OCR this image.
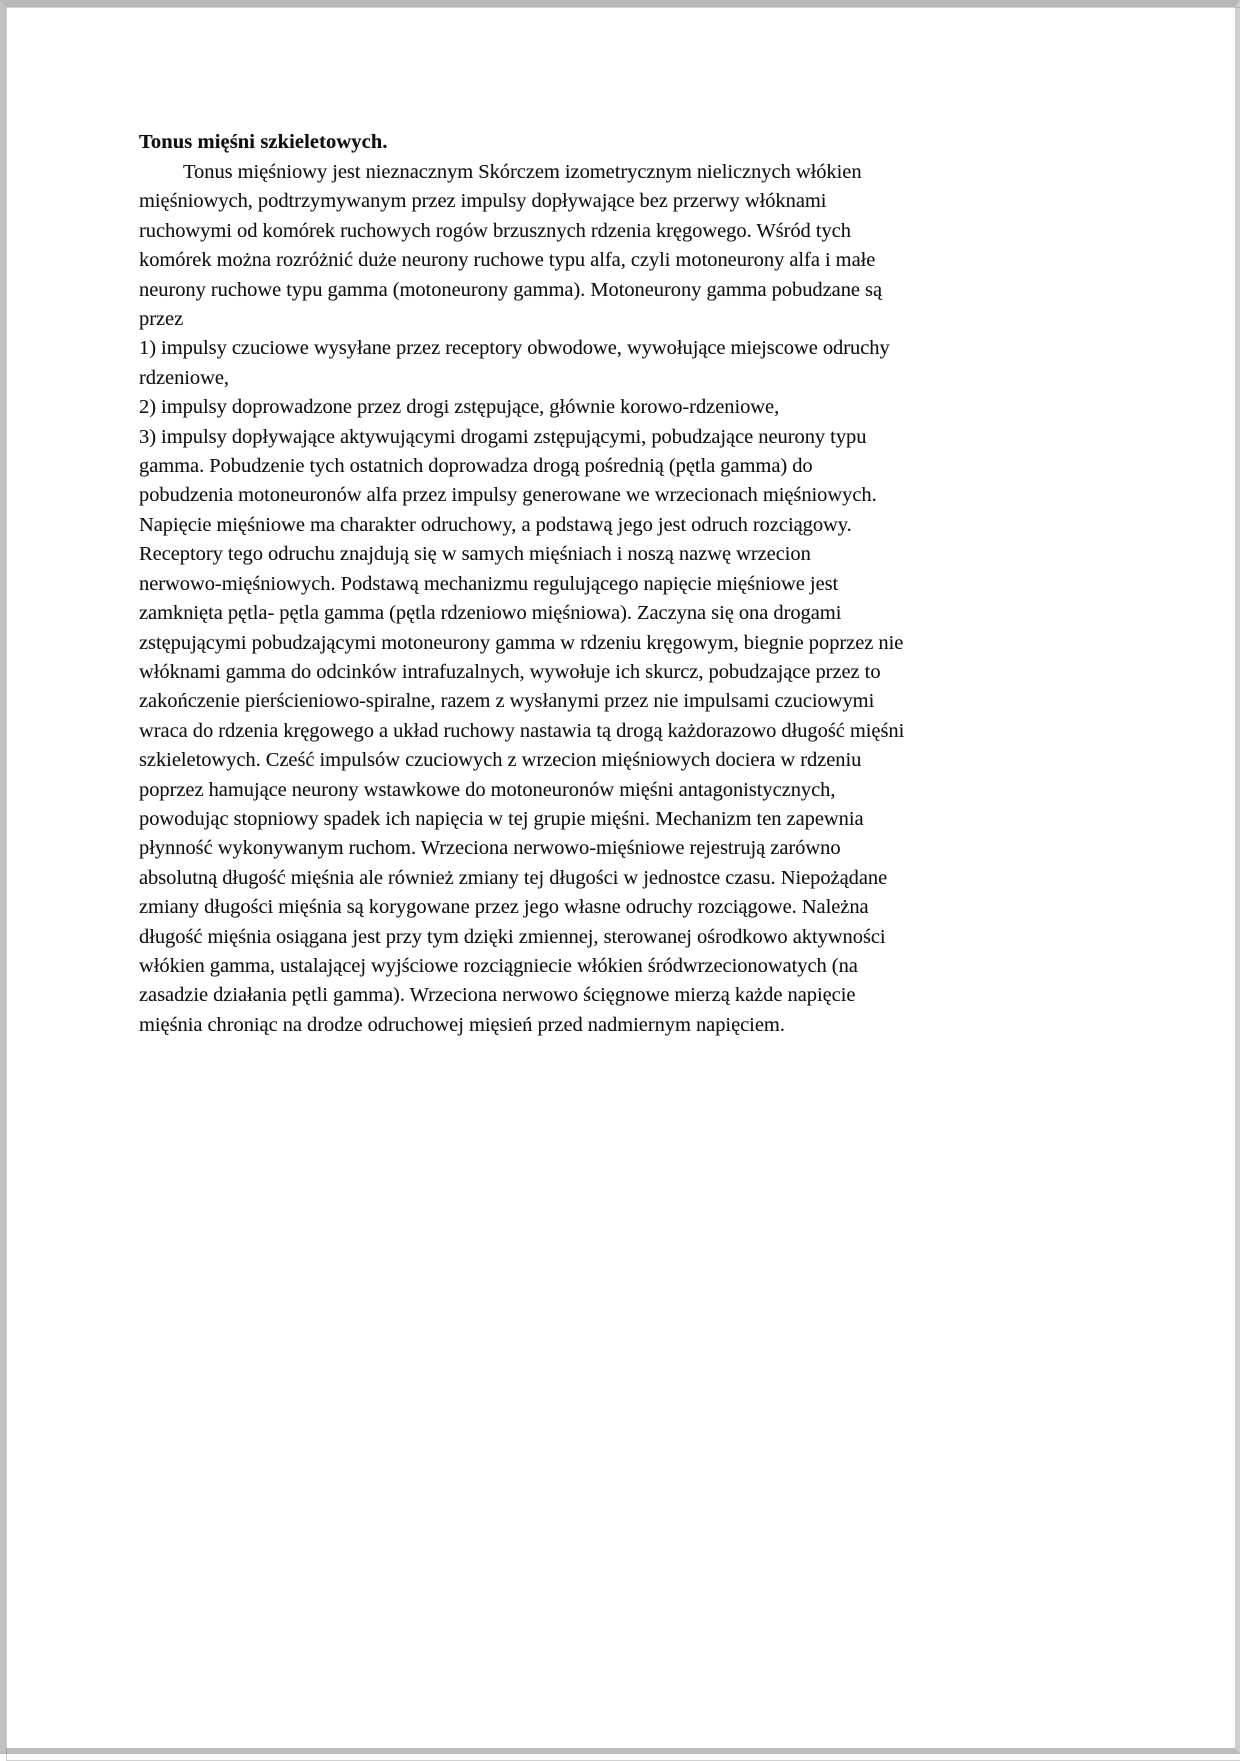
Tonus mięśni szkieletowych.

Tonus mięśniowy jest nieznacznym Skórczem izometrycznym nielicznych włókien

mięśniowych, podtrzymywanym przez impulsy dopływające bez przerwy włóknami

ruchowymi od komórek ruchowych rogów brzusznych rdzenia kręgowego. Wśród tych

komórek można rozróżnić duże neurony ruchowe typu alfa, czyli motoneurony alfa i małe

neurony ruchowe typu gamma (motoneurony gamma). Motoneurony gamma pobudzane są

przez

1) impulsy czuciowe wysyłane przez receptory obwodowe, wywołujące miejscowe odruchy

rdzeniowe,

2) impulsy doprowadzone przez drogi zstępujące, głównie korowo-rdzeniowe,

3) impulsy dopływające aktywującymi drogami zstępującymi, pobudzające neurony typu

gamma. Pobudzenie tych ostatnich doprowadza drogą pośrednią (pętla gamma) do

pobudzenia motoneuronów alfa przez impulsy generowane we wrzecionach mięśniowych.

Napięcie mięśniowe ma charakter odruchowy, a podstawą jego jest odruch rozciągowy.

Receptory tego odruchu znajdują się w samych mięśniach i noszą nazwę wrzecion

nerwowo-mięśniowych. Podstawą mechanizmu regulującego napięcie mięśniowe jest

zamknięta pętla- pętla gamma (pętla rdzeniowo mięśniowa). Zaczyna się ona drogami

zstępującymi pobudzającymi motoneurony gamma w rdzeniu kręgowym, biegnie poprzez nie

włóknami gamma do odcinków intrafuzalnych, wywołuje ich skurcz, pobudzające przez to

zakończenie pierścieniowo-spiralne, razem z wysłanymi przez nie impulsami czuciowymi

wraca do rdzenia kręgowego a układ ruchowy nastawia tą drogą każdorazowo długość mięśni

szkieletowych. Cześć impulsów czuciowych z wrzecion mięśniowych dociera w rdzeniu

poprzez hamujące neurony wstawkowe do motoneuronów mięśni antagonistycznych,

powodując stopniowy spadek ich napięcia w tej grupie mięśni. Mechanizm ten zapewnia

płynność wykonywanym ruchom. Wrzeciona nerwowo-mięśniowe rejestrują zarówno

absolutną długość mięśnia ale również zmiany tej długości w jednostce czasu. Niepożądane

zmiany długości mięśnia są korygowane przez jego własne odruchy rozciągowe. Należna

długość mięśnia osiągana jest przy tym dzięki zmiennej, sterowanej ośrodkowo aktywności

włókien gamma, ustalającej wyjściowe rozciągniecie włókien śródwrzecionowatych (na

zasadzie działania pętli gamma). Wrzeciona nerwowo ścięgnowe mierzą każde napięcie

mięśnia chroniąc na drodze odruchowej mięsień przed nadmiernym napięciem.
